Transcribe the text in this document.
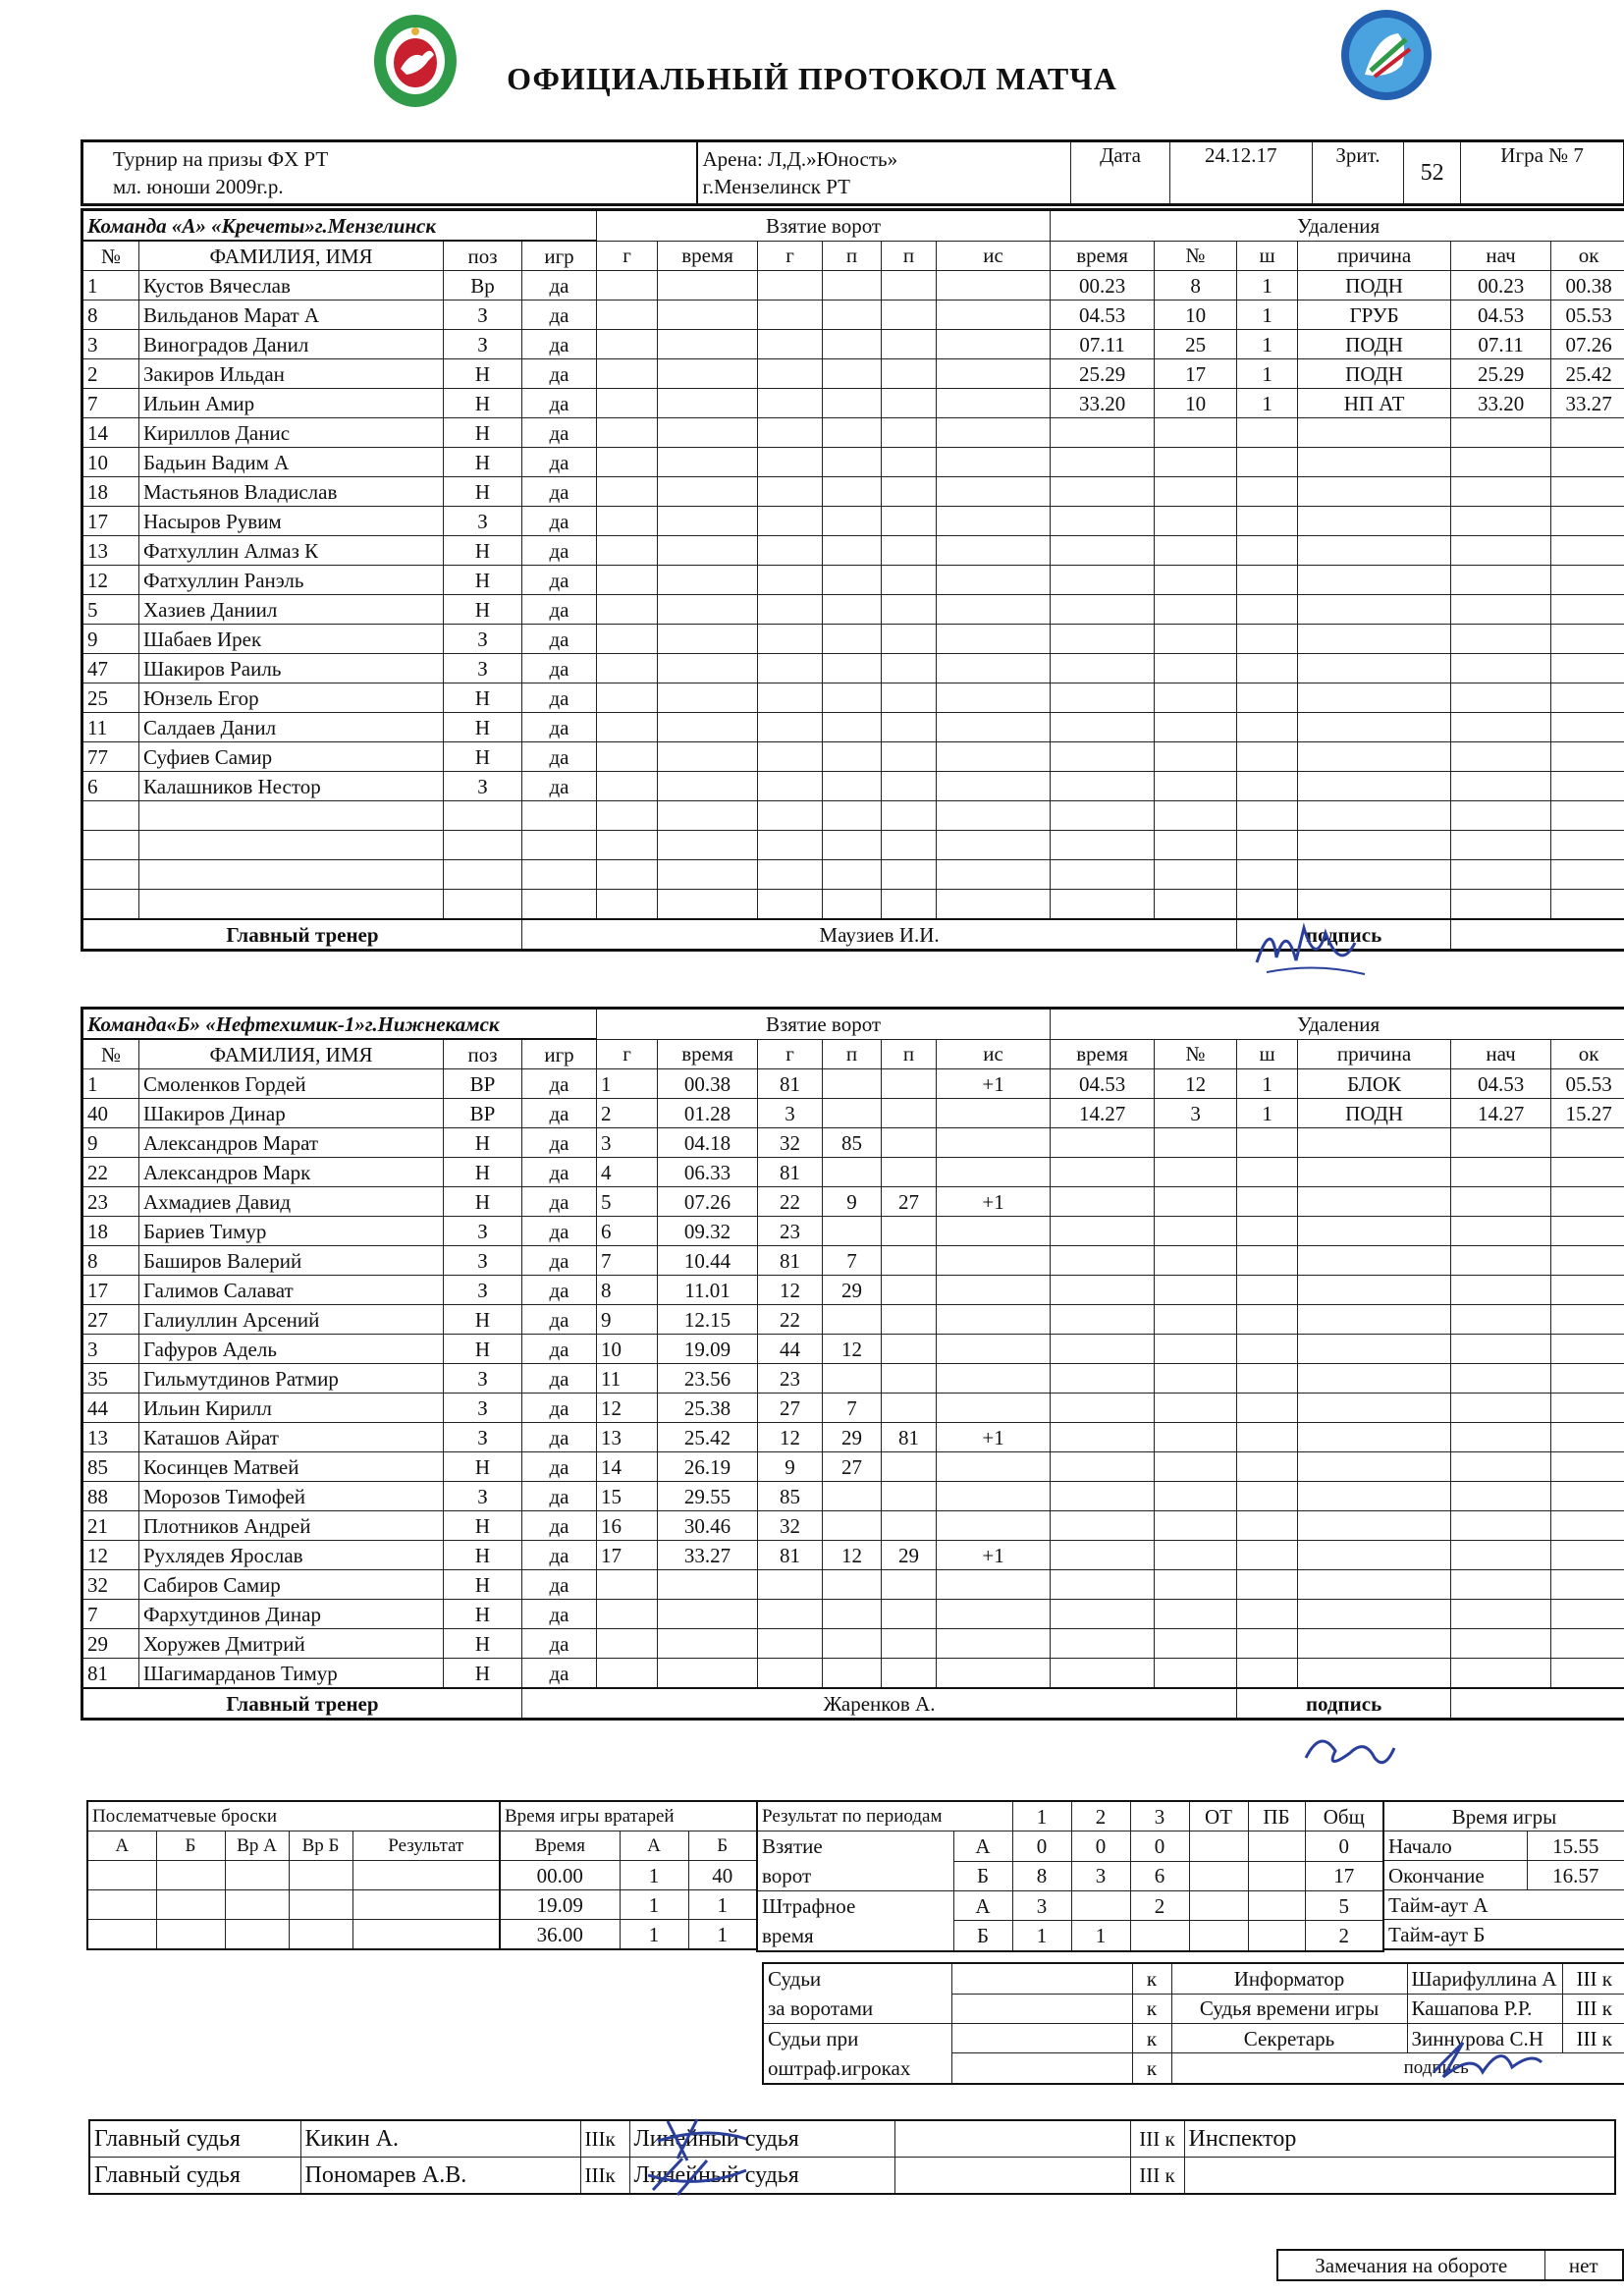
ОФИЦИАЛЬНЫЙ ПРОТОКОЛ МАТЧА
Турнир на призы ФХ РТ
мл. юноши 2009г.р.

Арена: Л,Д.»Юность»
г.Мензелинск РТ
	Дата	24.12.17	Зрит.	52	Игра № 7
Команда «А» «Кречеты»г.Мензелинск				Взятие ворот						Удаления					
№	ФАМИЛИЯ, ИМЯ	поз	игр	г	время	г	п	п	ис	время	№	ш	причина	нач	ок
1	Кустов Вячеслав	Вр	да							00.23	8	1	ПОДН	00.23	00.38
8	Вильданов Марат А	З	да							04.53	10	1	ГРУБ	04.53	05.53
3	Виноградов Данил	З	да							07.11	25	1	ПОДН	07.11	07.26
2	Закиров Ильдан	Н	да							25.29	17	1	ПОДН	25.29	25.42
7	Ильин Амир	Н	да							33.20	10	1	НП АТ	33.20	33.27
14	Кириллов Данис	Н	да												
10	Бадьин Вадим А	Н	да												
18	Мастьянов Владислав	Н	да												
17	Насыров Рувим	З	да												
13	Фатхуллин Алмаз К	Н	да												
12	Фатхуллин Ранэль	Н	да												
5	Хазиев Даниил	Н	да												
9	Шабаев Ирек	З	да												
47	Шакиров Раиль	З	да												
25	Юнзель Егор	Н	да												
11	Салдаев Данил	Н	да												
77	Суфиев Самир	Н	да												
6	Калашников Нестор	З	да												

Главный тренер			Маузиев И.И.									подпись			
Команда«Б» «Нефтехимик-1»г.Нижнекамск				Взятие ворот						Удаления					
№	ФАМИЛИЯ, ИМЯ	поз	игр	г	время	г	п	п	ис	время	№	ш	причина	нач	ок
1	Смоленков Гордей	ВР	да	1	00.38	81			+1	04.53	12	1	БЛОК	04.53	05.53
40	Шакиров Динар	ВР	да	2	01.28	3				14.27	3	1	ПОДН	14.27	15.27
9	Александров Марат	Н	да	3	04.18	32	85								
22	Александров Марк	Н	да	4	06.33	81									
23	Ахмадиев Давид	Н	да	5	07.26	22	9	27	+1						
18	Бариев Тимур	З	да	6	09.32	23									
8	Баширов Валерий	З	да	7	10.44	81	7								
17	Галимов Салават	З	да	8	11.01	12	29								
27	Галиуллин Арсений	Н	да	9	12.15	22									
3	Гафуров Адель	Н	да	10	19.09	44	12								
35	Гильмутдинов Ратмир	З	да	11	23.56	23									
44	Ильин Кирилл	З	да	12	25.38	27	7								
13	Каташов Айрат	З	да	13	25.42	12	29	81	+1						
85	Косинцев Матвей	Н	да	14	26.19	9	27								
88	Морозов Тимофей	З	да	15	29.55	85									
21	Плотников Андрей	Н	да	16	30.46	32									
12	Рухлядев Ярослав	Н	да	17	33.27	81	12	29	+1						
32	Сабиров Самир	Н	да												
7	Фархутдинов Динар	Н	да												
29	Хоружев Дмитрий	Н	да												
81	Шагимарданов Тимур	Н	да												
Главный тренер			Жаренков А.									подпись			
Послематчевые броски				
А	Б	Вр А	Вр Б	Результат

Время игры вратарей		
Время	А	Б
00.00	1	40
19.09	1	1
36.00	1	1
Результат по периодам		1	2	3	ОТ	ПБ	Общ

Взятие
ворот	А	0	0	0			0
	Б	8	3	6			17

Штрафное
время	А	3		2			5
	Б	1	1				2
Время игры	
Начало	15.55
Окончание	16.57
Тайм-аут А	
Тайм-аут Б	
Судьи
за воротами		к	Информатор	Шарифуллина А	III к
		к	Судья времени игры	Кашапова Р.Р.	III к

Судьи при
оштраф.игроках		к	Секретарь	Зиннурова С.Н	III к
		к	подпись		
Главный судья	Кикин А.	IIIк	Линейный судья		III к	Инспектор
Главный судья	Пономарев А.В.	IIIк	Линейный судья		III к	
Замечания на обороте	нет
